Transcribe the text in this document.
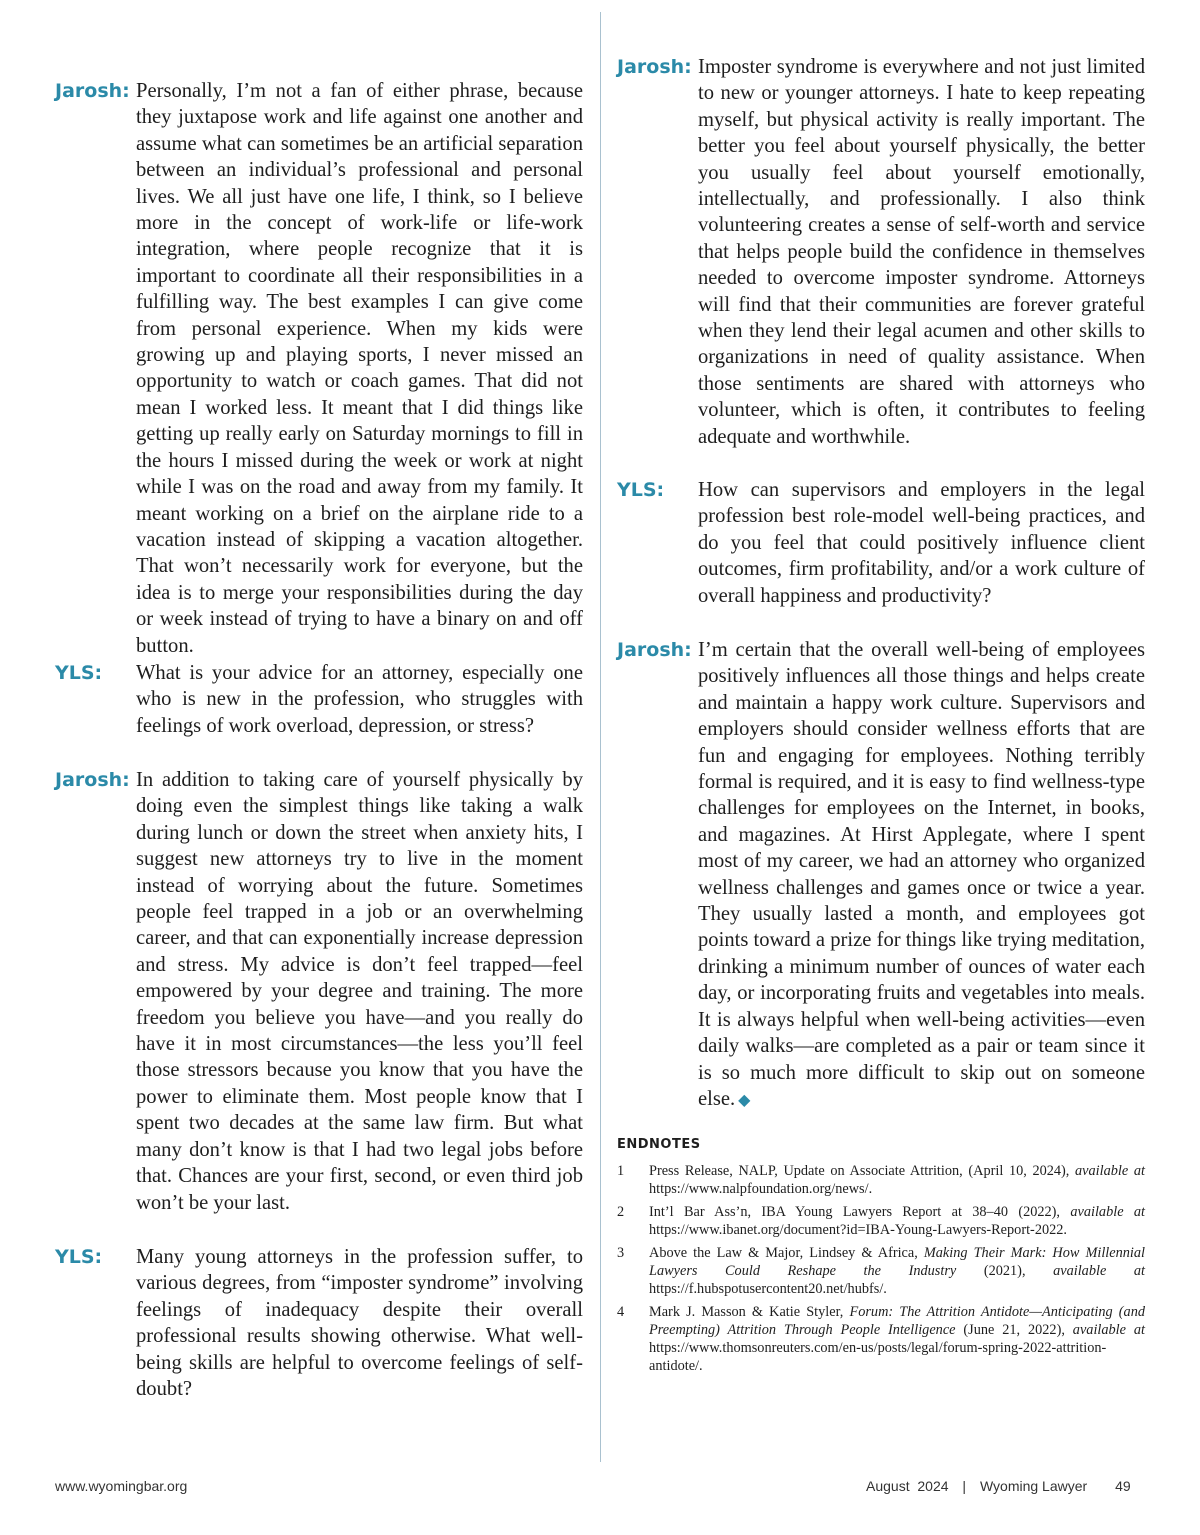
Jarosh: Personally, I’m not a fan of either phrase, because they juxtapose work and life against one another and assume what can sometimes be an artificial separation between an individual’s professional and personal lives. We all just have one life, I think, so I believe more in the concept of work-life or life-work integration, where people recognize that it is important to coordinate all their responsibilities in a fulfilling way. The best examples I can give come from personal experience. When my kids were growing up and playing sports, I never missed an opportunity to watch or coach games. That did not mean I worked less. It meant that I did things like getting up really early on Saturday mornings to fill in the hours I missed during the week or work at night while I was on the road and away from my family. It meant working on a brief on the airplane ride to a vacation instead of skipping a vacation altogether. That won’t necessarily work for everyone, but the idea is to merge your responsibilities during the day or week instead of trying to have a binary on and off button.

YLS: What is your advice for an attorney, especially one who is new in the profession, who struggles with feelings of work overload, depression, or stress?

Jarosh: In addition to taking care of yourself physically by doing even the simplest things like taking a walk during lunch or down the street when anxiety hits, I suggest new attorneys try to live in the moment instead of worrying about the future. Sometimes people feel trapped in a job or an overwhelming career, and that can exponentially increase depression and stress. My advice is don’t feel trapped—feel empowered by your degree and training. The more freedom you believe you have—and you really do have it in most circumstances—the less you’ll feel those stressors because you know that you have the power to eliminate them. Most people know that I spent two decades at the same law firm. But what many don’t know is that I had two legal jobs before that. Chances are your first, second, or even third job won’t be your last.

YLS: Many young attorneys in the profession suffer, to various degrees, from “imposter syndrome” involving feelings of inadequacy despite their overall professional results showing otherwise. What well-being skills are helpful to overcome feelings of self-doubt?

Jarosh: Imposter syndrome is everywhere and not just limited to new or younger attorneys. I hate to keep repeating myself, but physical activity is really important. The better you feel about yourself physically, the better you usually feel about yourself emotionally, intellectually, and professionally. I also think volunteering creates a sense of self-worth and service that helps people build the confidence in themselves needed to overcome imposter syndrome. Attorneys will find that their communities are forever grateful when they lend their legal acumen and other skills to organizations in need of quality assistance. When those sentiments are shared with attorneys who volunteer, which is often, it contributes to feeling adequate and worthwhile.

YLS: How can supervisors and employers in the legal profession best role-model well-being practices, and do you feel that could positively influence client outcomes, firm profitability, and/or a work culture of overall happiness and productivity?

Jarosh: I’m certain that the overall well-being of employees positively influences all those things and helps create and maintain a happy work culture. Supervisors and employers should consider wellness efforts that are fun and engaging for employees. Nothing terribly formal is required, and it is easy to find wellness-type challenges for employees on the Internet, in books, and magazines. At Hirst Applegate, where I spent most of my career, we had an attorney who organized wellness challenges and games once or twice a year. They usually lasted a month, and employees got points toward a prize for things like trying meditation, drinking a minimum number of ounces of water each day, or incorporating fruits and vegetables into meals. It is always helpful when well-being activities—even daily walks—are completed as a pair or team since it is so much more difficult to skip out on someone else. ◆

ENDNOTES
1 Press Release, NALP, Update on Associate Attrition, (April 10, 2024), available at https://www.nalpfoundation.org/news/.
2 Int’l Bar Ass’n, IBA Young Lawyers Report at 38–40 (2022), available at https://www.ibanet.org/document?id=IBA-Young-Lawyers-Report-2022.
3 Above the Law & Major, Lindsey & Africa, Making Their Mark: How Millennial Lawyers Could Reshape the Industry (2021), available at https://f.hubspotusercontent20.net/hubfs/.
4 Mark J. Masson & Katie Styler, Forum: The Attrition Antidote—Anticipating (and Preempting) Attrition Through People Intelligence (June 21, 2022), available at https://www.thomsonreuters.com/en-us/posts/legal/forum-spring-2022-attrition-antidote/.
www.wyomingbar.org	August  2024 | Wyoming Lawyer 49
